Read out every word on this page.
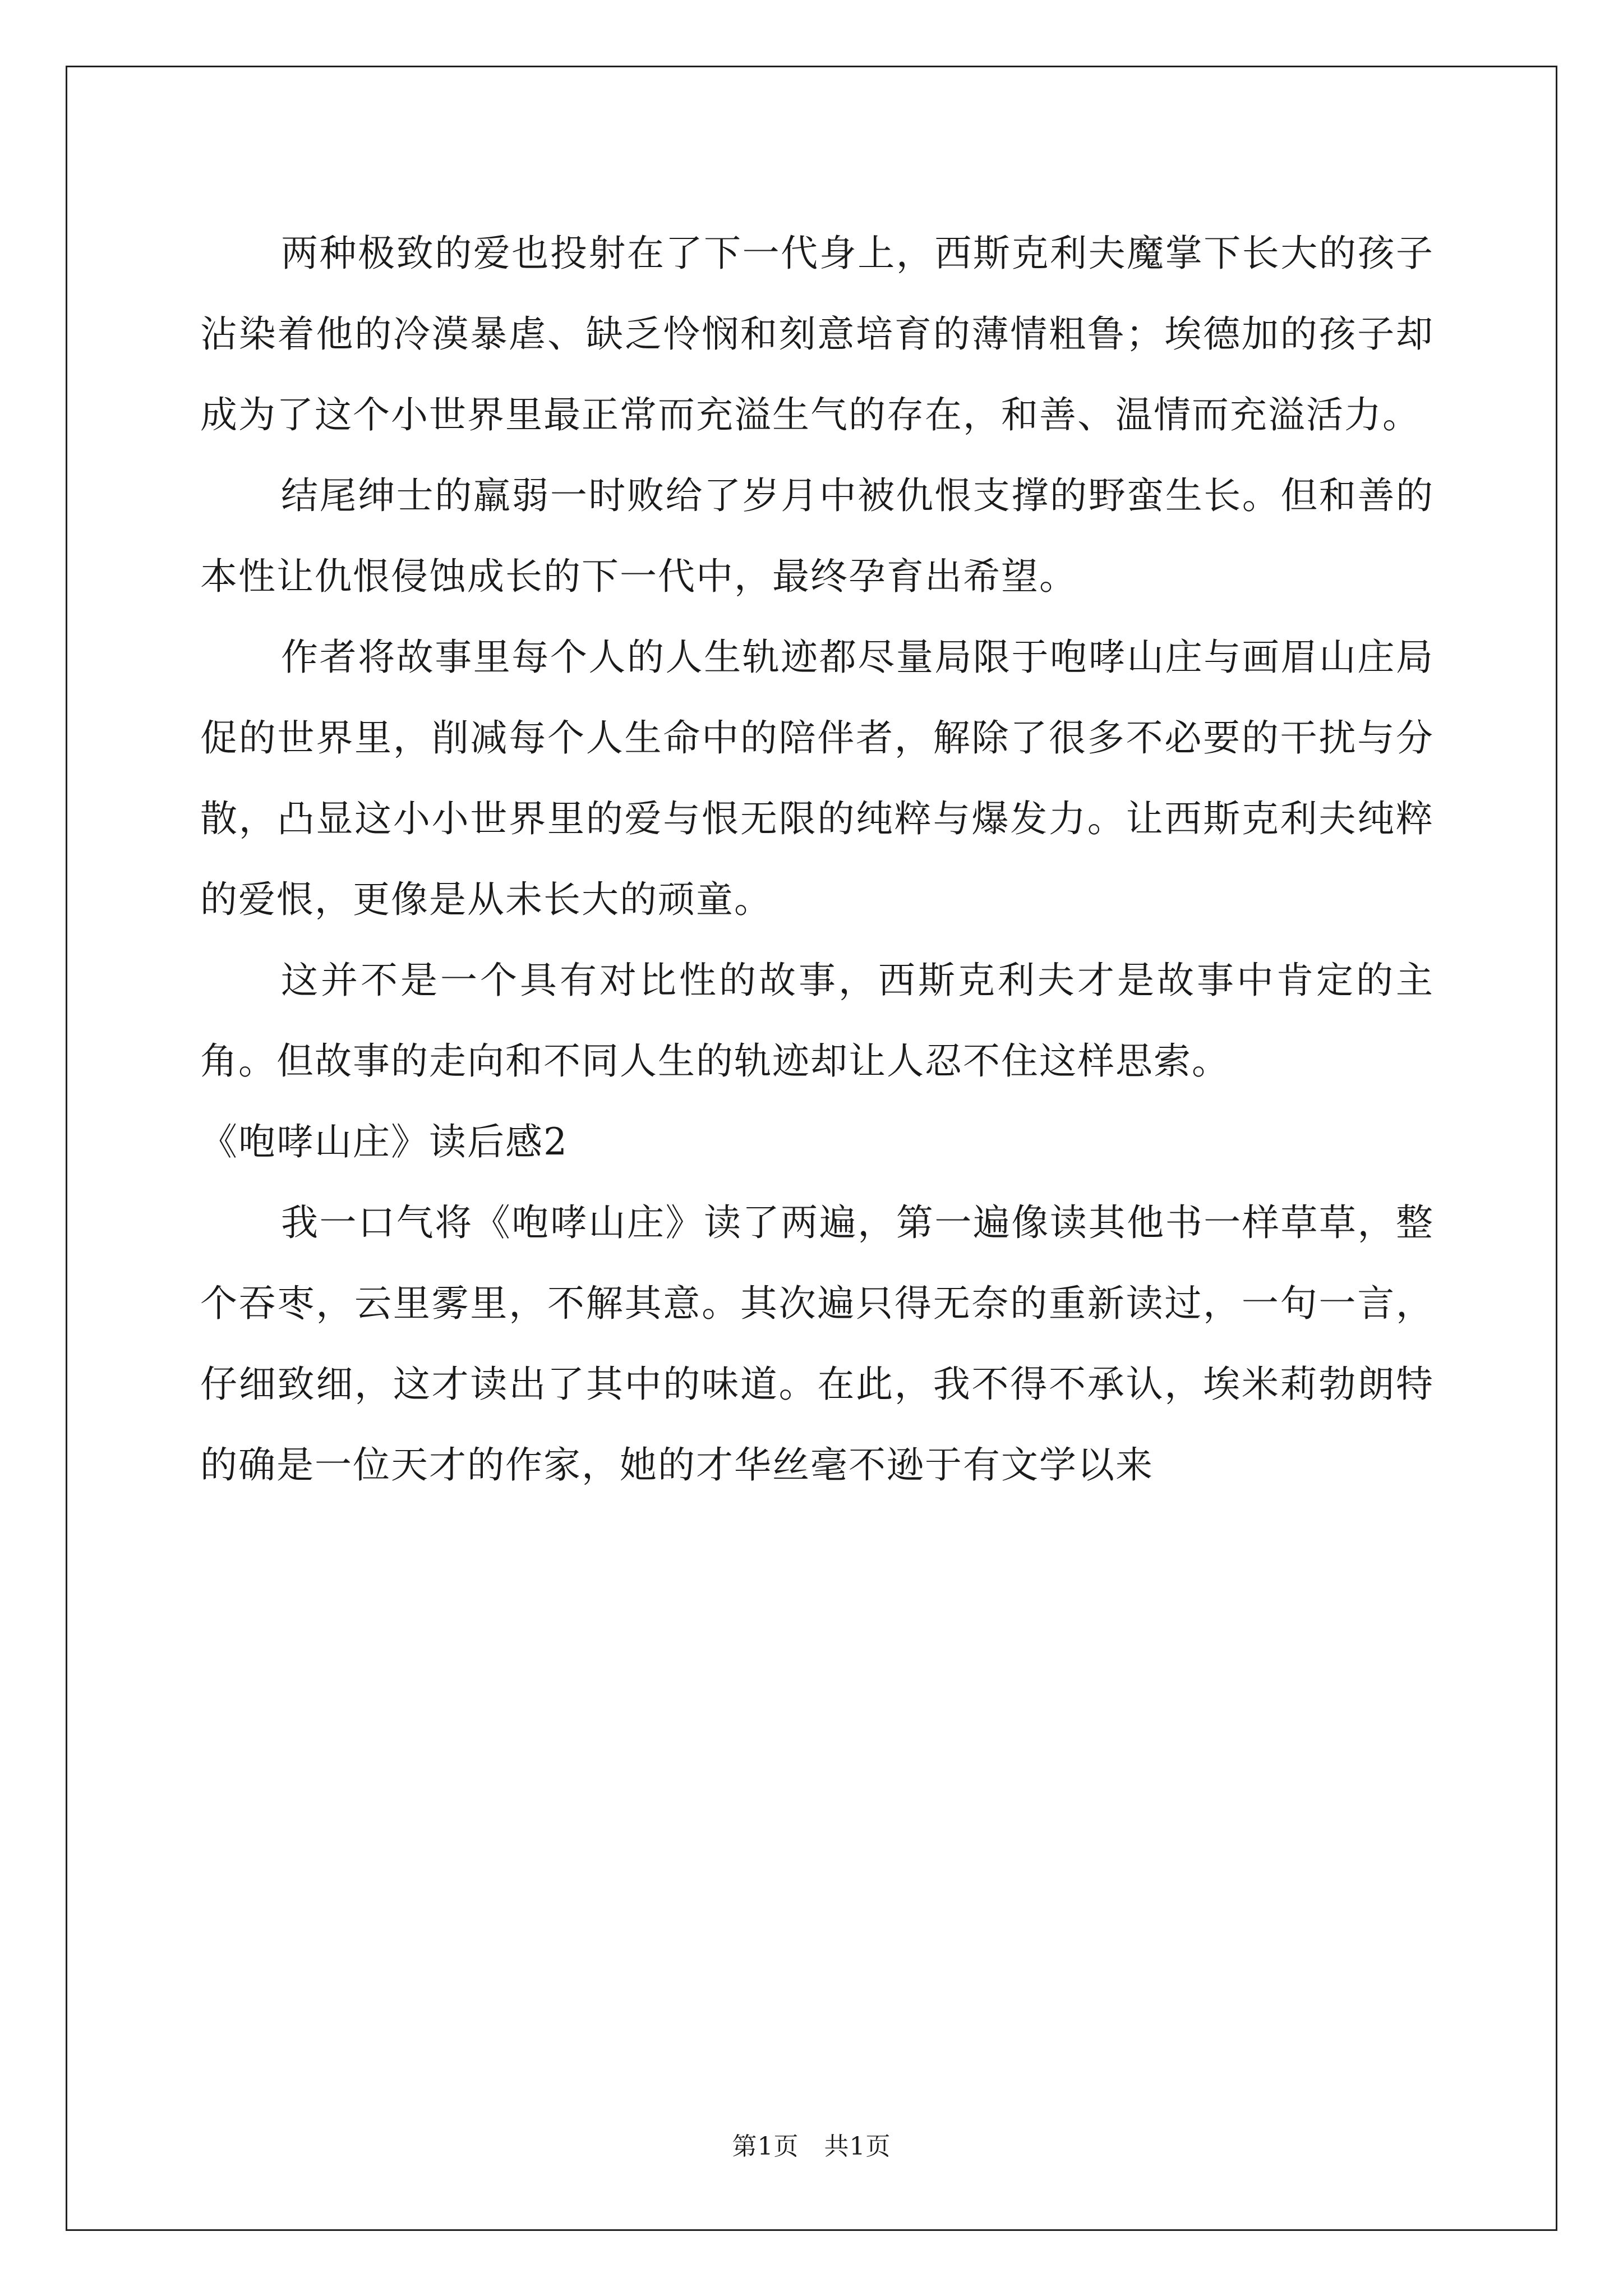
两种极致的爱也投射在了下一代身上，西斯克利夫魔掌下长大的孩子沾染着他的冷漠暴虐、缺乏怜悯和刻意培育的薄情粗鲁；埃德加的孩子却成为了这个小世界里最正常而充溢生气的存在，和善、温情而充溢活力。

结尾绅士的羸弱一时败给了岁月中被仇恨支撑的野蛮生长。但和善的本性让仇恨侵蚀成长的下一代中，最终孕育出希望。

作者将故事里每个人的人生轨迹都尽量局限于咆哮山庄与画眉山庄局促的世界里，削减每个人生命中的陪伴者，解除了很多不必要的干扰与分散，凸显这小小世界里的爱与恨无限的纯粹与爆发力。让西斯克利夫纯粹的爱恨，更像是从未长大的顽童。

这并不是一个具有对比性的故事，西斯克利夫才是故事中肯定的主角。但故事的走向和不同人生的轨迹却让人忍不住这样思索。

《咆哮山庄》读后感2

我一口气将《咆哮山庄》读了两遍，第一遍像读其他书一样草草，整个吞枣，云里雾里，不解其意。其次遍只得无奈的重新读过，一句一言，仔细致细，这才读出了其中的味道。在此，我不得不承认，埃米莉勃朗特的确是一位天才的作家，她的才华丝毫不逊于有文学以来

第1页　共1页
